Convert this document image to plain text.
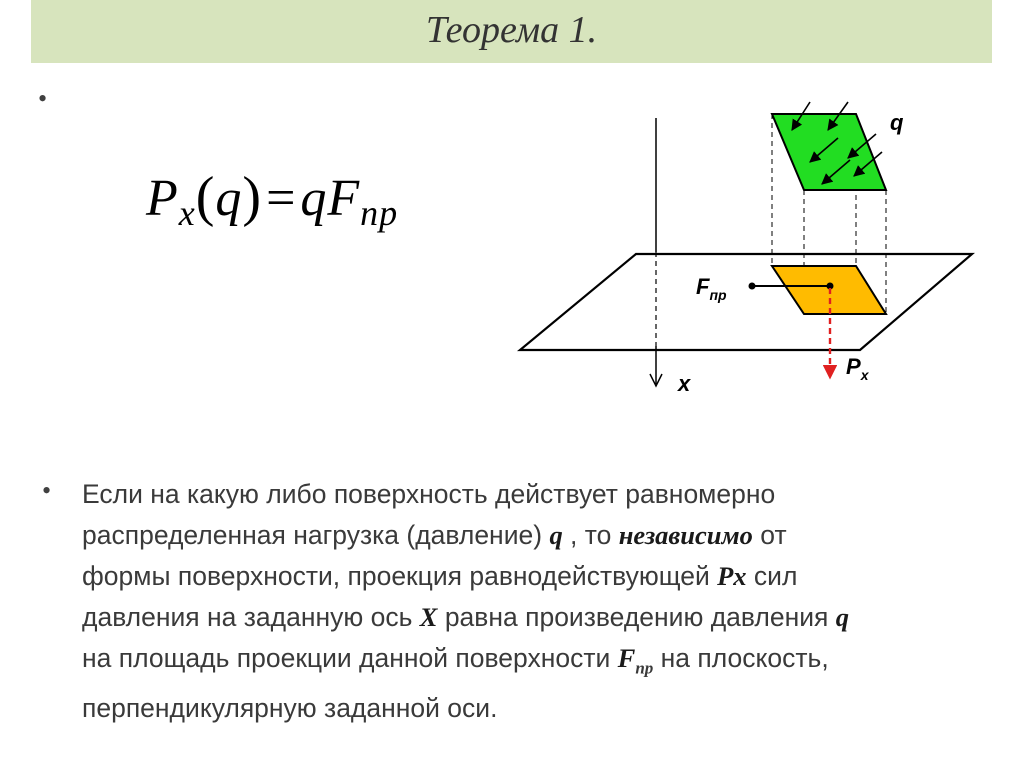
Теорема 1.
•
$P_x(q)=qF_{пр}$
q
$F_{пр}$
$P_x$
x
• Если на какую либо поверхность действует равномерно
распределенная нагрузка (давление) q , то независимо от
формы поверхности, проекция равнодействующей Px сил
давления на заданную ось X равна произведению давления q
на площадь проекции данной поверхности $F_{пр}$ на плоскость,
перпендикулярную заданной оси.
